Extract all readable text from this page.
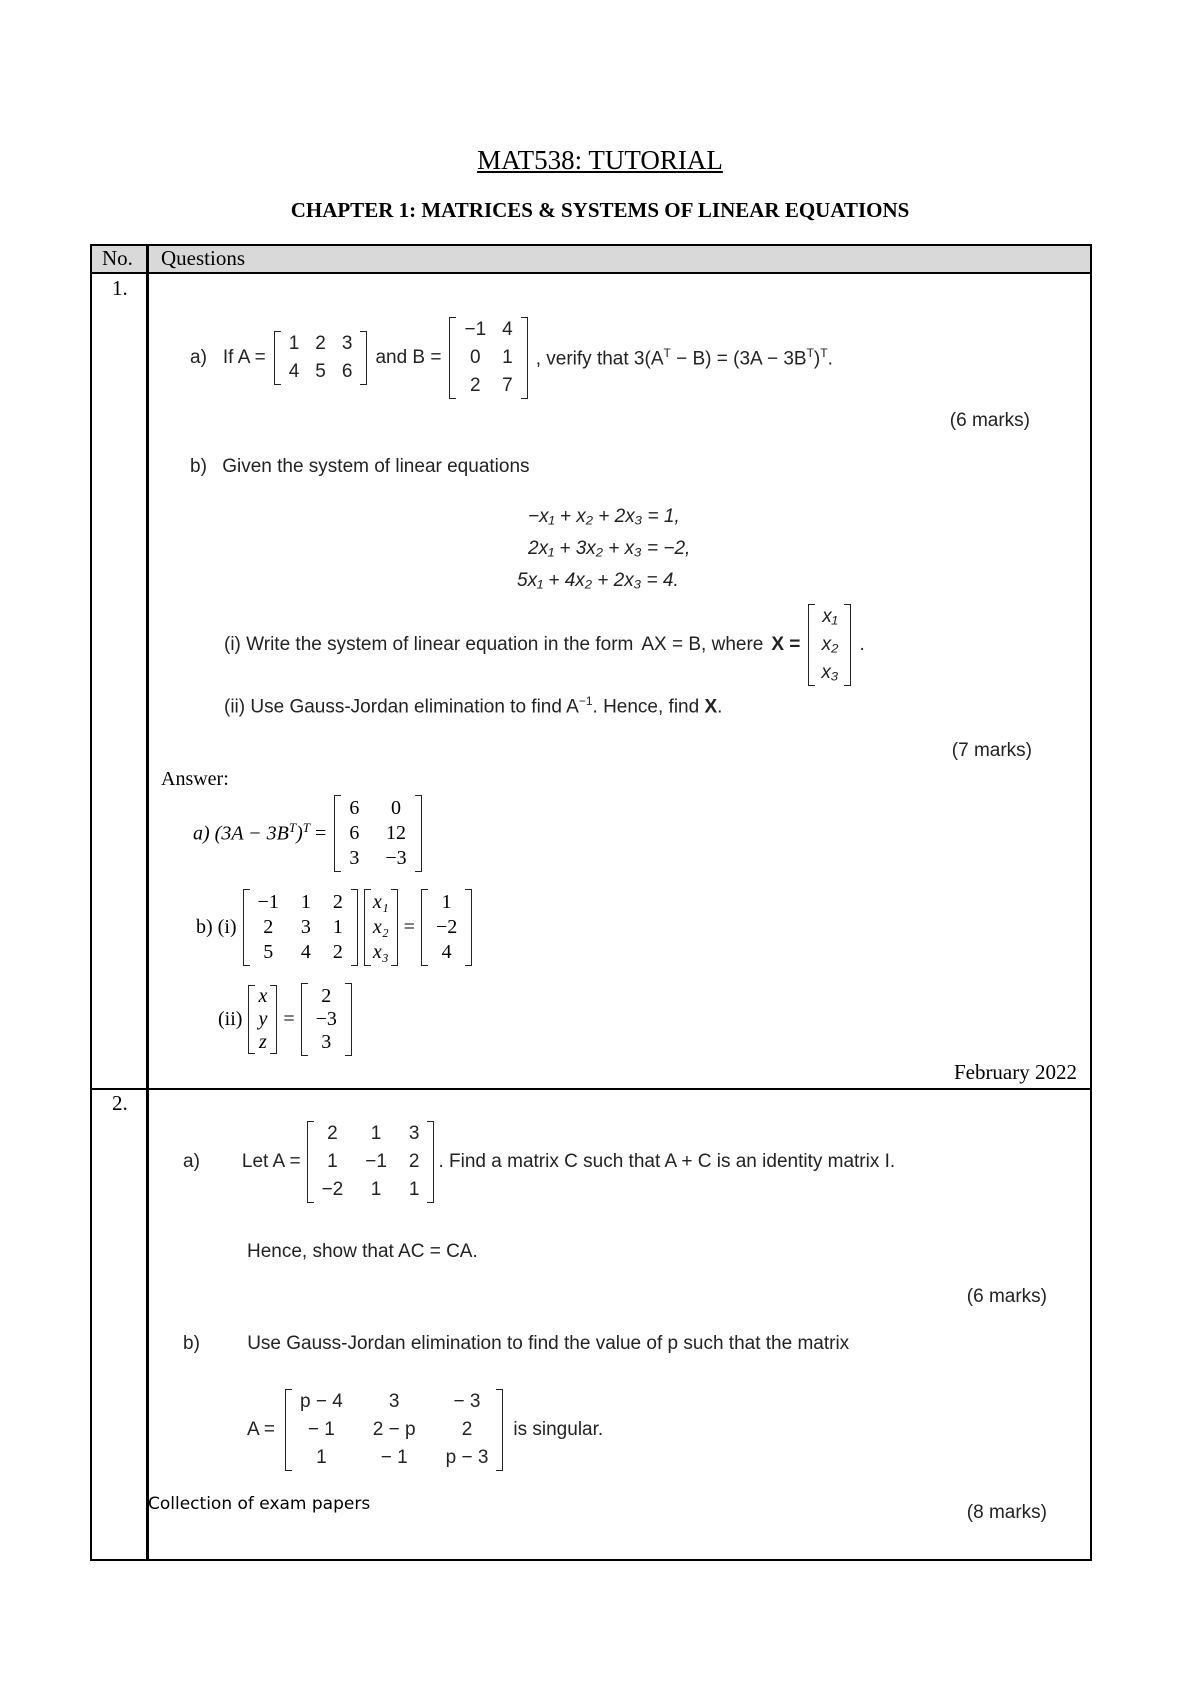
MAT538: TUTORIAL
CHAPTER 1: MATRICES & SYSTEMS OF LINEAR EQUATIONS
No. Questions
1.
a) If A =
1 2 3
4 5 6
and B =
−1 4
0 1
2 7
, verify that $3(A^T - B) = (3A - 3B^T)^T$.
(6 marks)
b) Given the system of linear equations
−x₁ + x₂ + 2x₃ = 1,
2x₁ + 3x₂ + x₃ = −2,
5x₁ + 4x₂ + 2x₃ = 4.
(i) Write the system of linear equation in the form AX = B, where X =
x₁
x₂
x₃
.
(ii) Use Gauss-Jordan elimination to find $A^{-1}$. Hence, find X.
(7 marks)
Answer:
a) $(3A - 3B^T)^T$ =
6 0
6 12
3 −3
b) (i)
−1 1 2
2 3 1
5 4 2
x₁
x₂
x₃
=
1
−2
4
(ii)
x
y
z
=
2
−3
3
February 2022
2.
a) Let A =
2 1 3
1 −1 2
−2 1 1
. Find a matrix C such that A + C is an identity matrix I.
Hence, show that AC = CA.
(6 marks)
b) Use Gauss-Jordan elimination to find the value of p such that the matrix
A =
p − 4	3	− 3
− 1	2 − p	2
1	− 1	p − 3
is singular.
(8 marks)
Collection of exam papers
